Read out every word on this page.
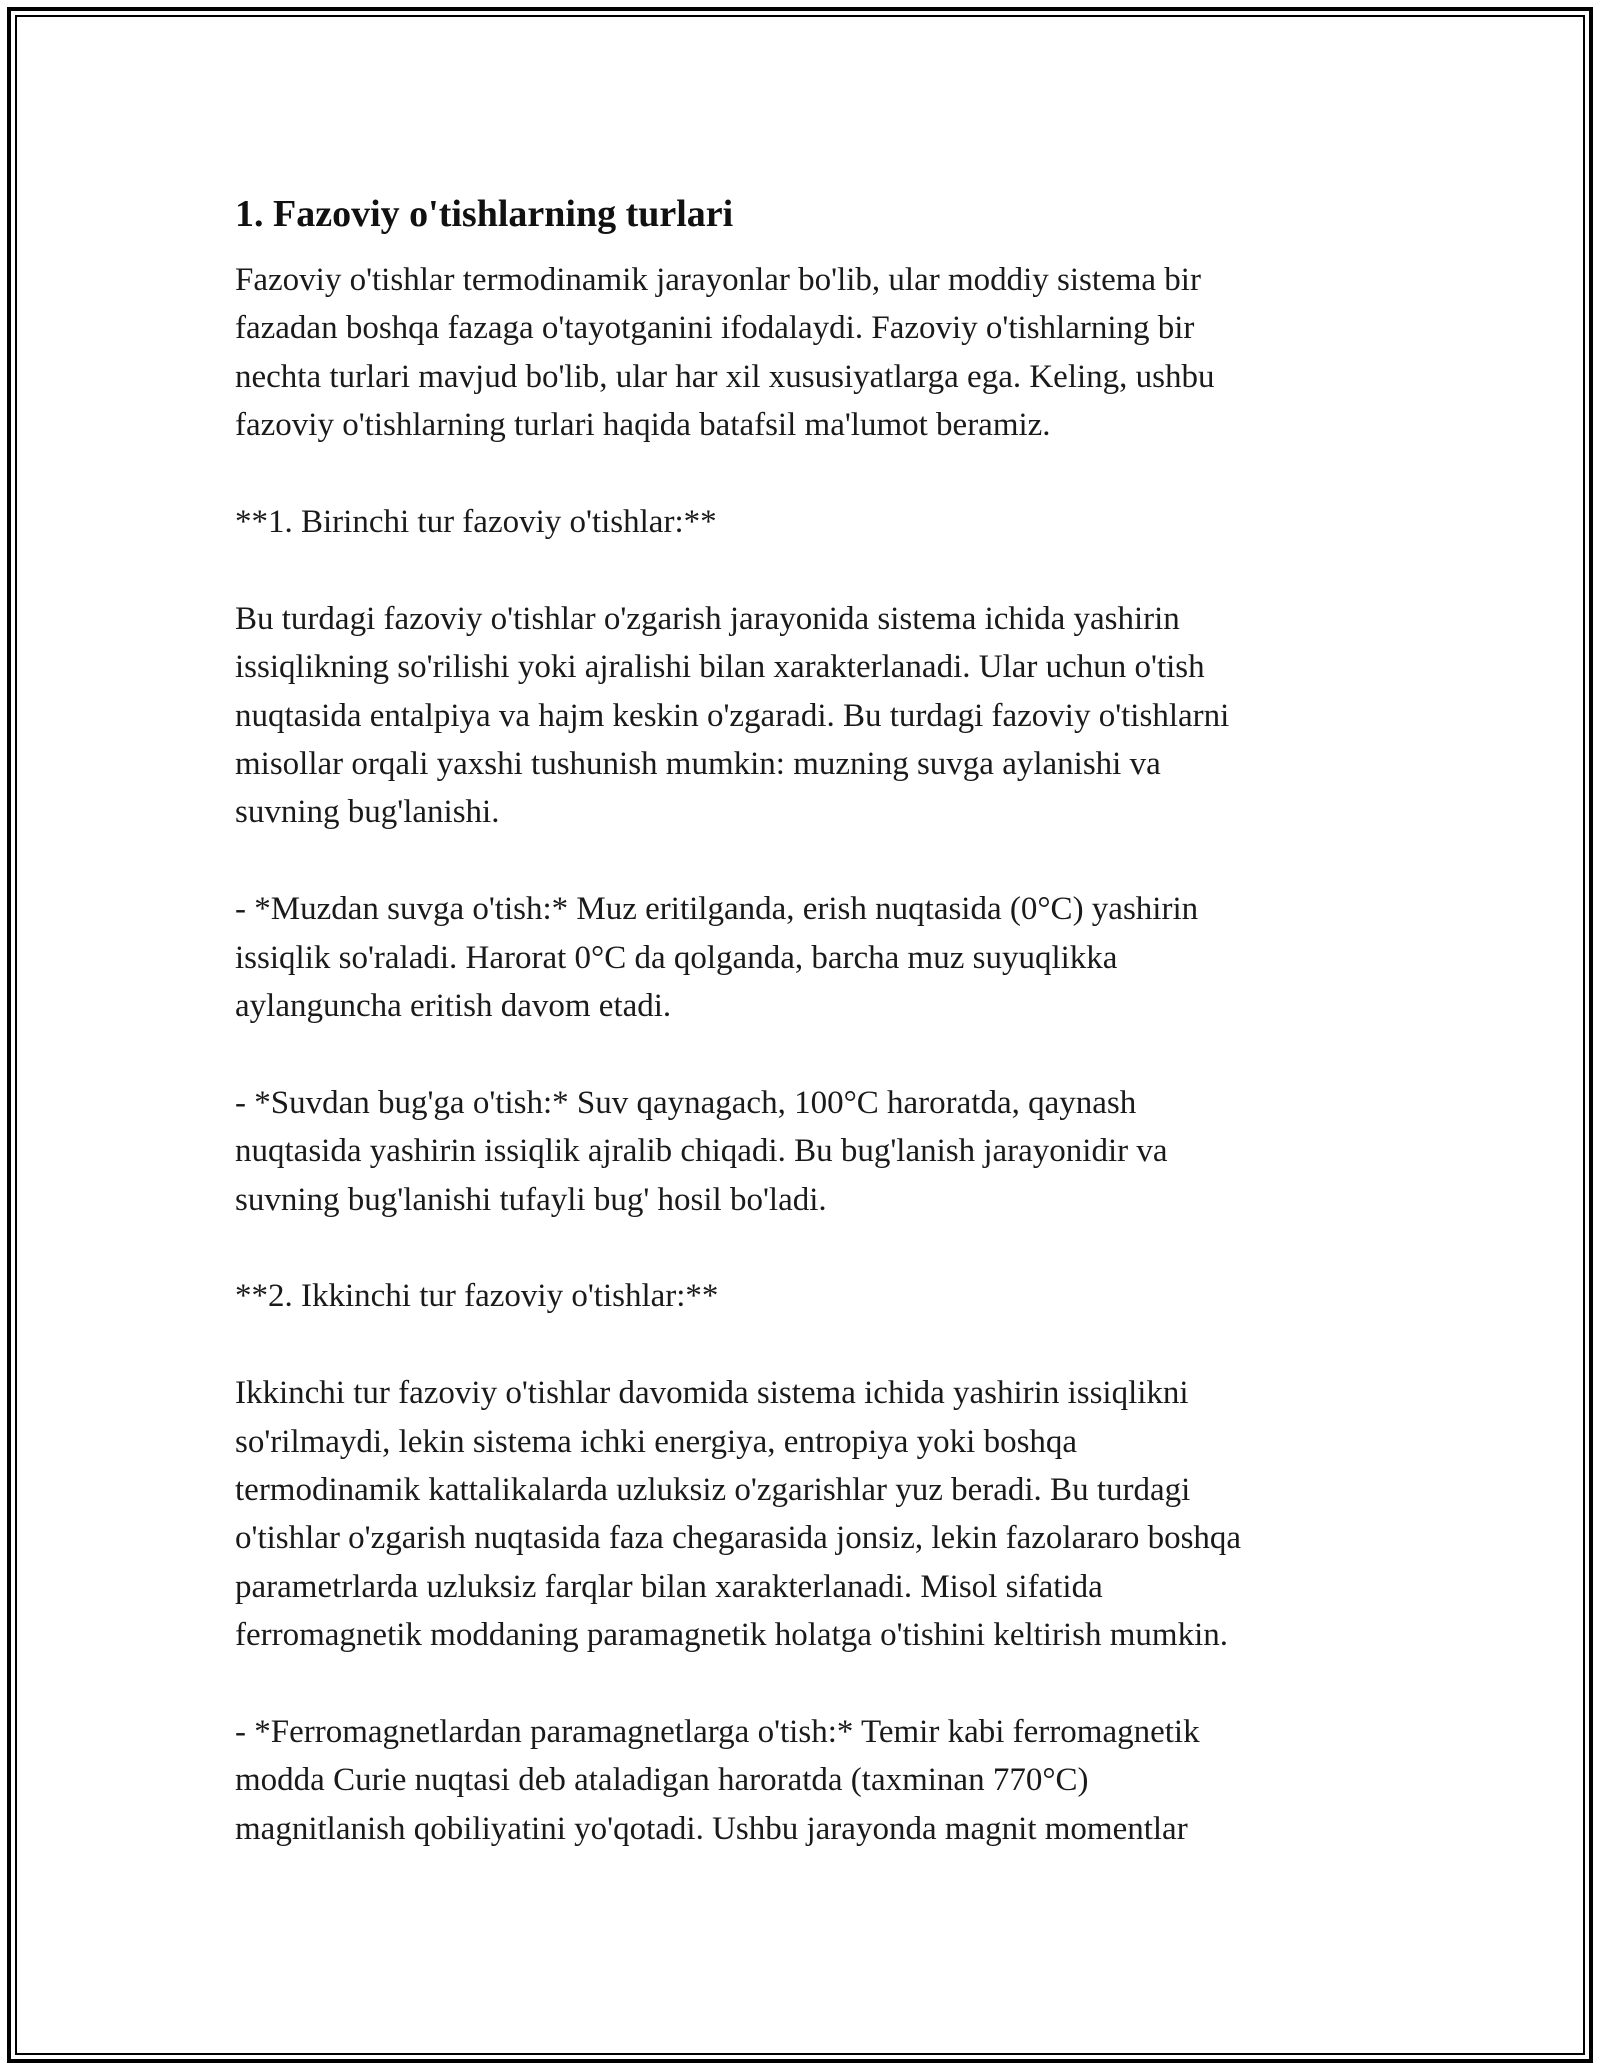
1. Fazoviy o'tishlarning turlari

Fazoviy o'tishlar termodinamik jarayonlar bo'lib, ular moddiy sistema bir
fazadan boshqa fazaga o'tayotganini ifodalaydi. Fazoviy o'tishlarning bir
nechta turlari mavjud bo'lib, ular har xil xususiyatlarga ega. Keling, ushbu
fazoviy o'tishlarning turlari haqida batafsil ma'lumot beramiz.

**1. Birinchi tur fazoviy o'tishlar:**

Bu turdagi fazoviy o'tishlar o'zgarish jarayonida sistema ichida yashirin
issiqlikning so'rilishi yoki ajralishi bilan xarakterlanadi. Ular uchun o'tish
nuqtasida entalpiya va hajm keskin o'zgaradi. Bu turdagi fazoviy o'tishlarni
misollar orqali yaxshi tushunish mumkin: muzning suvga aylanishi va
suvning bug'lanishi.

- *Muzdan suvga o'tish:* Muz eritilganda, erish nuqtasida (0°C) yashirin
issiqlik so'raladi. Harorat 0°C da qolganda, barcha muz suyuqlikka
aylanguncha eritish davom etadi.

- *Suvdan bug'ga o'tish:* Suv qaynagach, 100°C haroratda, qaynash
nuqtasida yashirin issiqlik ajralib chiqadi. Bu bug'lanish jarayonidir va
suvning bug'lanishi tufayli bug' hosil bo'ladi.

**2. Ikkinchi tur fazoviy o'tishlar:**

Ikkinchi tur fazoviy o'tishlar davomida sistema ichida yashirin issiqlikni
so'rilmaydi, lekin sistema ichki energiya, entropiya yoki boshqa
termodinamik kattalikalarda uzluksiz o'zgarishlar yuz beradi. Bu turdagi
o'tishlar o'zgarish nuqtasida faza chegarasida jonsiz, lekin fazolararo boshqa
parametrlarda uzluksiz farqlar bilan xarakterlanadi. Misol sifatida
ferromagnetik moddaning paramagnetik holatga o'tishini keltirish mumkin.

- *Ferromagnetlardan paramagnetlarga o'tish:* Temir kabi ferromagnetik
modda Curie nuqtasi deb ataladigan haroratda (taxminan 770°C)
magnitlanish qobiliyatini yo'qotadi. Ushbu jarayonda magnit momentlar
